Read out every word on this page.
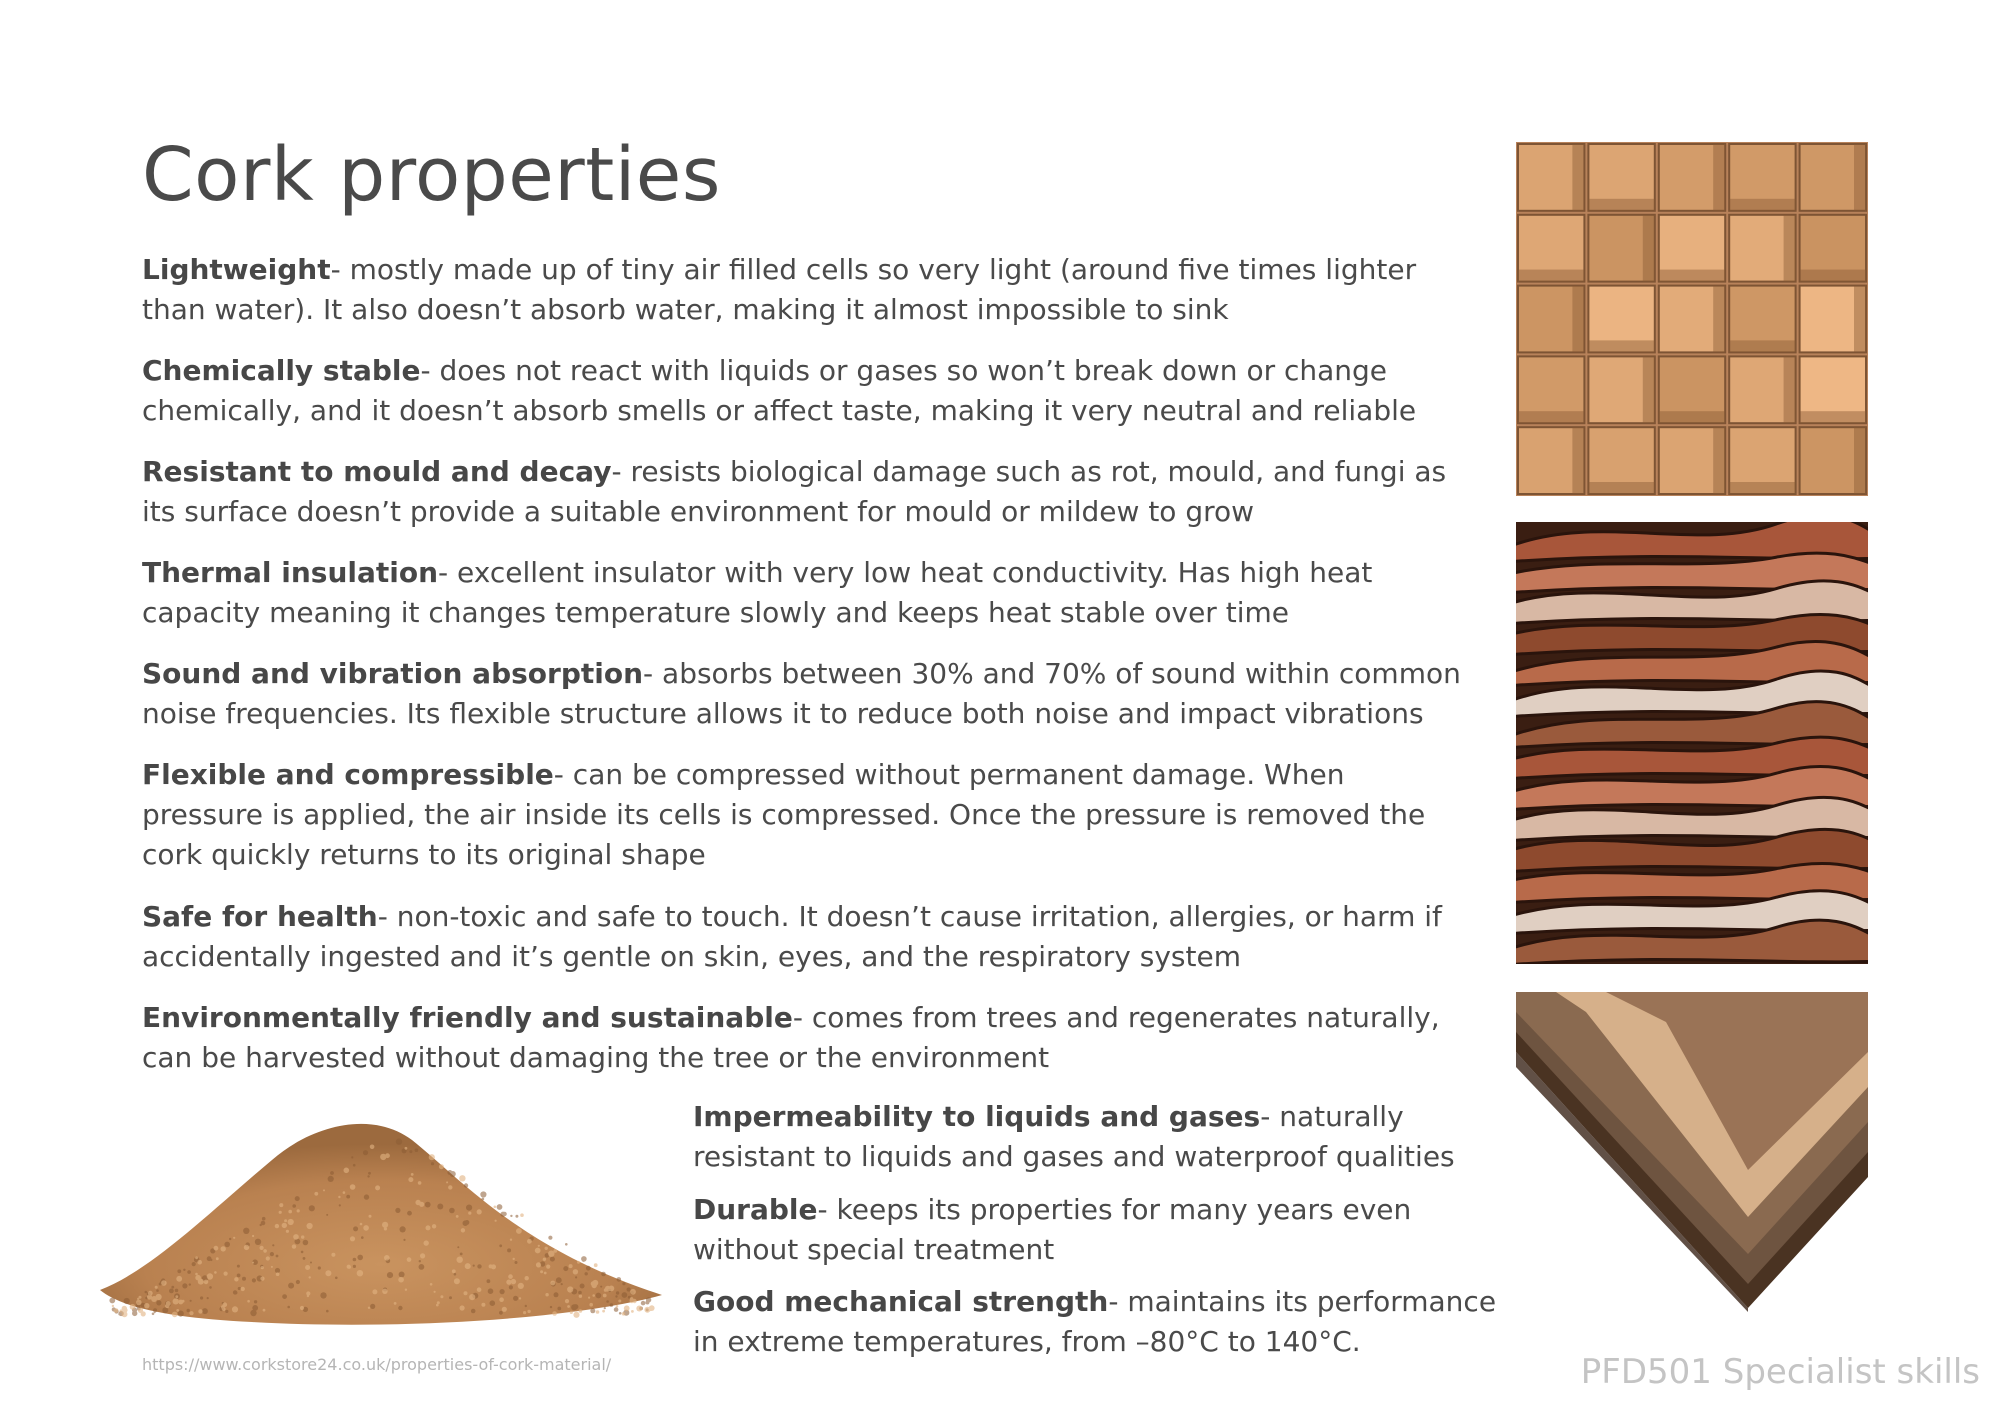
Cork properties
Lightweight- mostly made up of tiny air filled cells so very light (around five times lighter than water). It also doesn’t absorb water, making it almost impossible to sink
Chemically stable- does not react with liquids or gases so won’t break down or change chemically, and it doesn’t absorb smells or affect taste, making it very neutral and reliable
Resistant to mould and decay- resists biological damage such as rot, mould, and fungi as its surface doesn’t provide a suitable environment for mould or mildew to grow
Thermal insulation- excellent insulator with very low heat conductivity. Has high heat capacity meaning it changes temperature slowly and keeps heat stable over time
Sound and vibration absorption- absorbs between 30% and 70% of sound within common noise frequencies. Its flexible structure allows it to reduce both noise and impact vibrations
Flexible and compressible- can be compressed without permanent damage. When pressure is applied, the air inside its cells is compressed. Once the pressure is removed the cork quickly returns to its original shape
Safe for health- non-toxic and safe to touch. It doesn’t cause irritation, allergies, or harm if accidentally ingested and it’s gentle on skin, eyes, and the respiratory system
Environmentally friendly and sustainable- comes from trees and regenerates naturally, can be harvested without damaging the tree or the environment
Impermeability to liquids and gases- naturally resistant to liquids and gases and waterproof qualities
Durable- keeps its properties for many years even without special treatment
Good mechanical strength- maintains its performance in extreme temperatures, from –80°C to 140°C.
https://www.corkstore24.co.uk/properties-of-cork-material/	PFD501 Specialist skills
